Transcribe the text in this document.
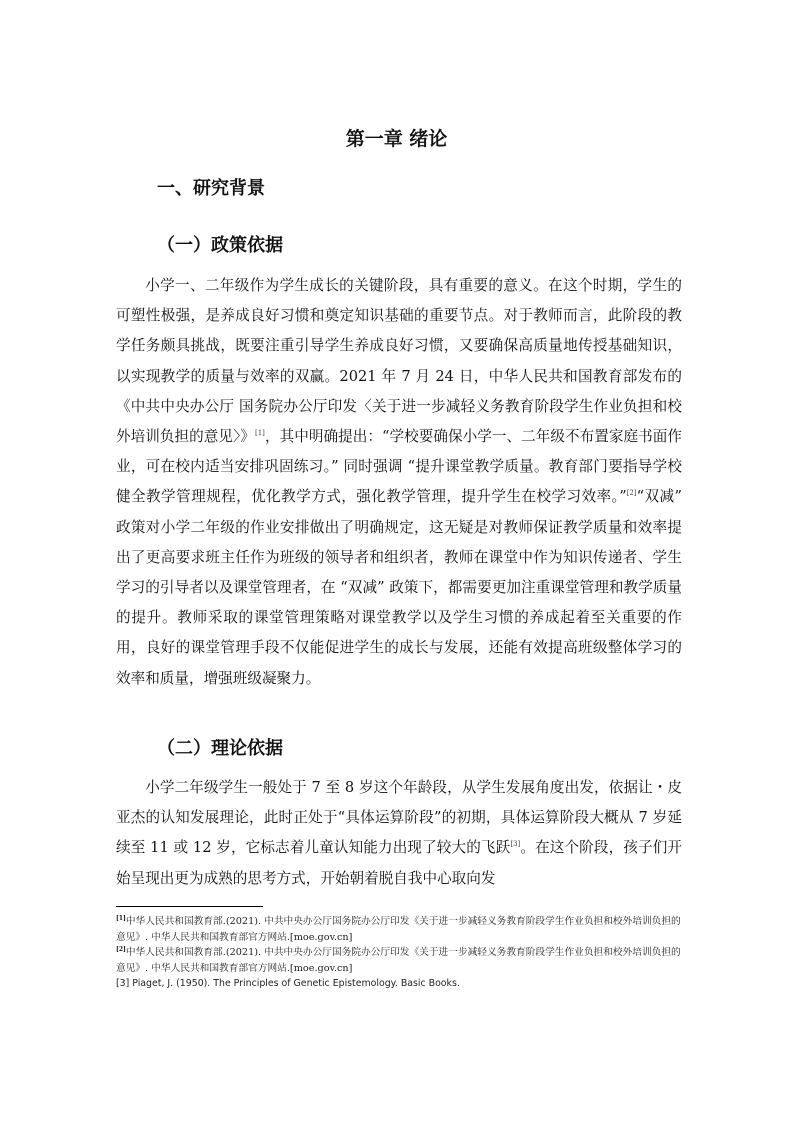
第一章 绪论
一、研究背景
（一）政策依据

小学一、二年级作为学生成长的关键阶段，具有重要的意义。在这个时期，学生的可塑性极强，是养成良好习惯和奠定知识基础的重要节点。对于教师而言，此阶段的教学任务颇具挑战，既要注重引导学生养成良好习惯，又要确保高质量地传授基础知识，以实现教学的质量与效率的双赢。2021 年 7 月 24 日，中华人民共和国教育部发布的《中共中央办公厅 国务院办公厅印发〈关于进一步减轻义务教育阶段学生作业负担和校外培训负担的意见〉》[1]，其中明确提出：“学校要确保小学一、二年级不布置家庭书面作业，可在校内适当安排巩固练习。” 同时强调 “提升课堂教学质量。教育部门要指导学校健全教学管理规程，优化教学方式，强化教学管理，提升学生在校学习效率。”[2]“双减” 政策对小学二年级的作业安排做出了明确规定，这无疑是对教师保证教学质量和效率提出了更高要求班主任作为班级的领导者和组织者，教师在课堂中作为知识传递者、学生学习的引导者以及课堂管理者，在 “双减” 政策下，都需要更加注重课堂管理和教学质量的提升。教师采取的课堂管理策略对课堂教学以及学生习惯的养成起着至关重要的作用，良好的课堂管理手段不仅能促进学生的成长与发展，还能有效提高班级整体学习的效率和质量，增强班级凝聚力。

（二）理论依据

小学二年级学生一般处于 7 至 8 岁这个年龄段，从学生发展角度出发，依据让・皮亚杰的认知发展理论，此时正处于“具体运算阶段”的初期，具体运算阶段大概从 7 岁延续至 11 或 12 岁，它标志着儿童认知能力出现了较大的飞跃[3]。在这个阶段，孩子们开始呈现出更为成熟的思考方式，开始朝着脱自我中心取向发

[1]中华人民共和国教育部.(2021). 中共中央办公厅国务院办公厅印发《关于进一步减轻义务教育阶段学生作业负担和校外培训负担的意见》. 中华人民共和国教育部官方网站.[moe.gov.cn]

[2]中华人民共和国教育部.(2021). 中共中央办公厅国务院办公厅印发《关于进一步减轻义务教育阶段学生作业负担和校外培训负担的意见》. 中华人民共和国教育部官方网站.[moe.gov.cn]

[3] Piaget, J. (1950). The Principles of Genetic Epistemology. Basic Books.
